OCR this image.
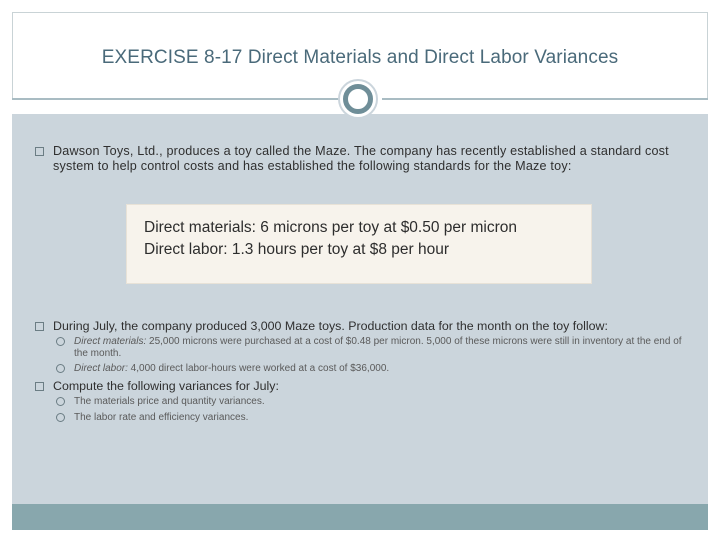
EXERCISE 8-17 Direct Materials and Direct Labor Variances
Dawson Toys, Ltd., produces a toy called the Maze. The company has recently established a standard cost system to help control costs and has established the following standards for the Maze toy:
Direct materials: 6 microns per toy at $0.50 per micron
Direct labor: 1.3 hours per toy at $8 per hour
During July, the company produced 3,000 Maze toys. Production data for the month on the toy follow:
Direct materials: 25,000 microns were purchased at a cost of $0.48 per micron. 5,000 of these microns were still in inventory at the end of the month.
Direct labor: 4,000 direct labor-hours were worked at a cost of $36,000.
Compute the following variances for July:
The materials price and quantity variances.
The labor rate and efficiency variances.
